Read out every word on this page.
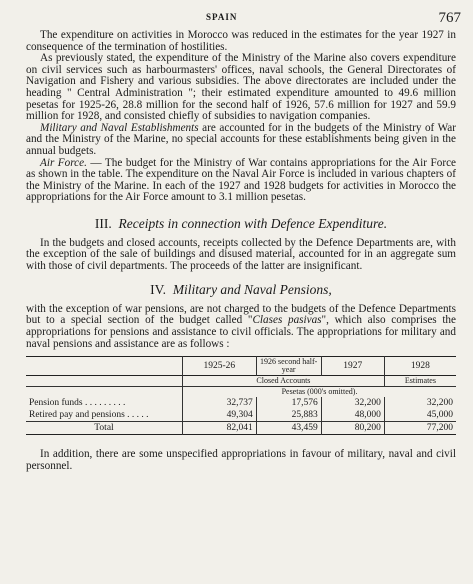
SPAIN	767

The expenditure on activities in Morocco was reduced in the estimates for the year 1927 in consequence of the termination of hostilities.

As previously stated, the expenditure of the Ministry of the Marine also covers expenditure on civil services such as harbourmasters' offices, naval schools, the General Directorates of Navigation and Fishery and various subsidies. The above directorates are included under the heading " Central Administration "; their estimated expenditure amounted to 49.6 million pesetas for 1925-26, 28.8 million for the second half of 1926, 57.6 million for 1927 and 59.9 million for 1928, and consisted chiefly of subsidies to navigation companies.

Military and Naval Establishments are accounted for in the budgets of the Ministry of War and the Ministry of the Marine, no special accounts for these establishments being given in the annual budgets.

Air Force. — The budget for the Ministry of War contains appropriations for the Air Force as shown in the table. The expenditure on the Naval Air Force is included in various chapters of the Ministry of the Marine. In each of the 1927 and 1928 budgets for activities in Morocco the appropriations for the Air Force amount to 3.1 million pesetas.

III. Receipts in connection with Defence Expenditure.

In the budgets and closed accounts, receipts collected by the Defence Departments are, with the exception of the sale of buildings and disused material, accounted for in an aggregate sum with those of civil departments. The proceeds of the latter are insignificant.

IV. Military and Naval Pensions,

with the exception of war pensions, are not charged to the budgets of the Defence Departments but to a special section of the budget called "Clases pasivas", which also comprises the appropriations for pensions and assistance to civil officials. The appropriations for military and naval pensions and assistance are as follows :

	1925-26	1926 second half-year	1927	1928
	Closed Accounts			Estimates
	Pesetas (000's omitted).			
Pension funds . . . . . . . . .	32,737	17,576	32,200	32,200
Retired pay and pensions . . . . .	49,304	25,883	48,000	45,000
Total	82,041	43,459	80,200	77,200

In addition, there are some unspecified appropriations in favour of military, naval and civil personnel.
